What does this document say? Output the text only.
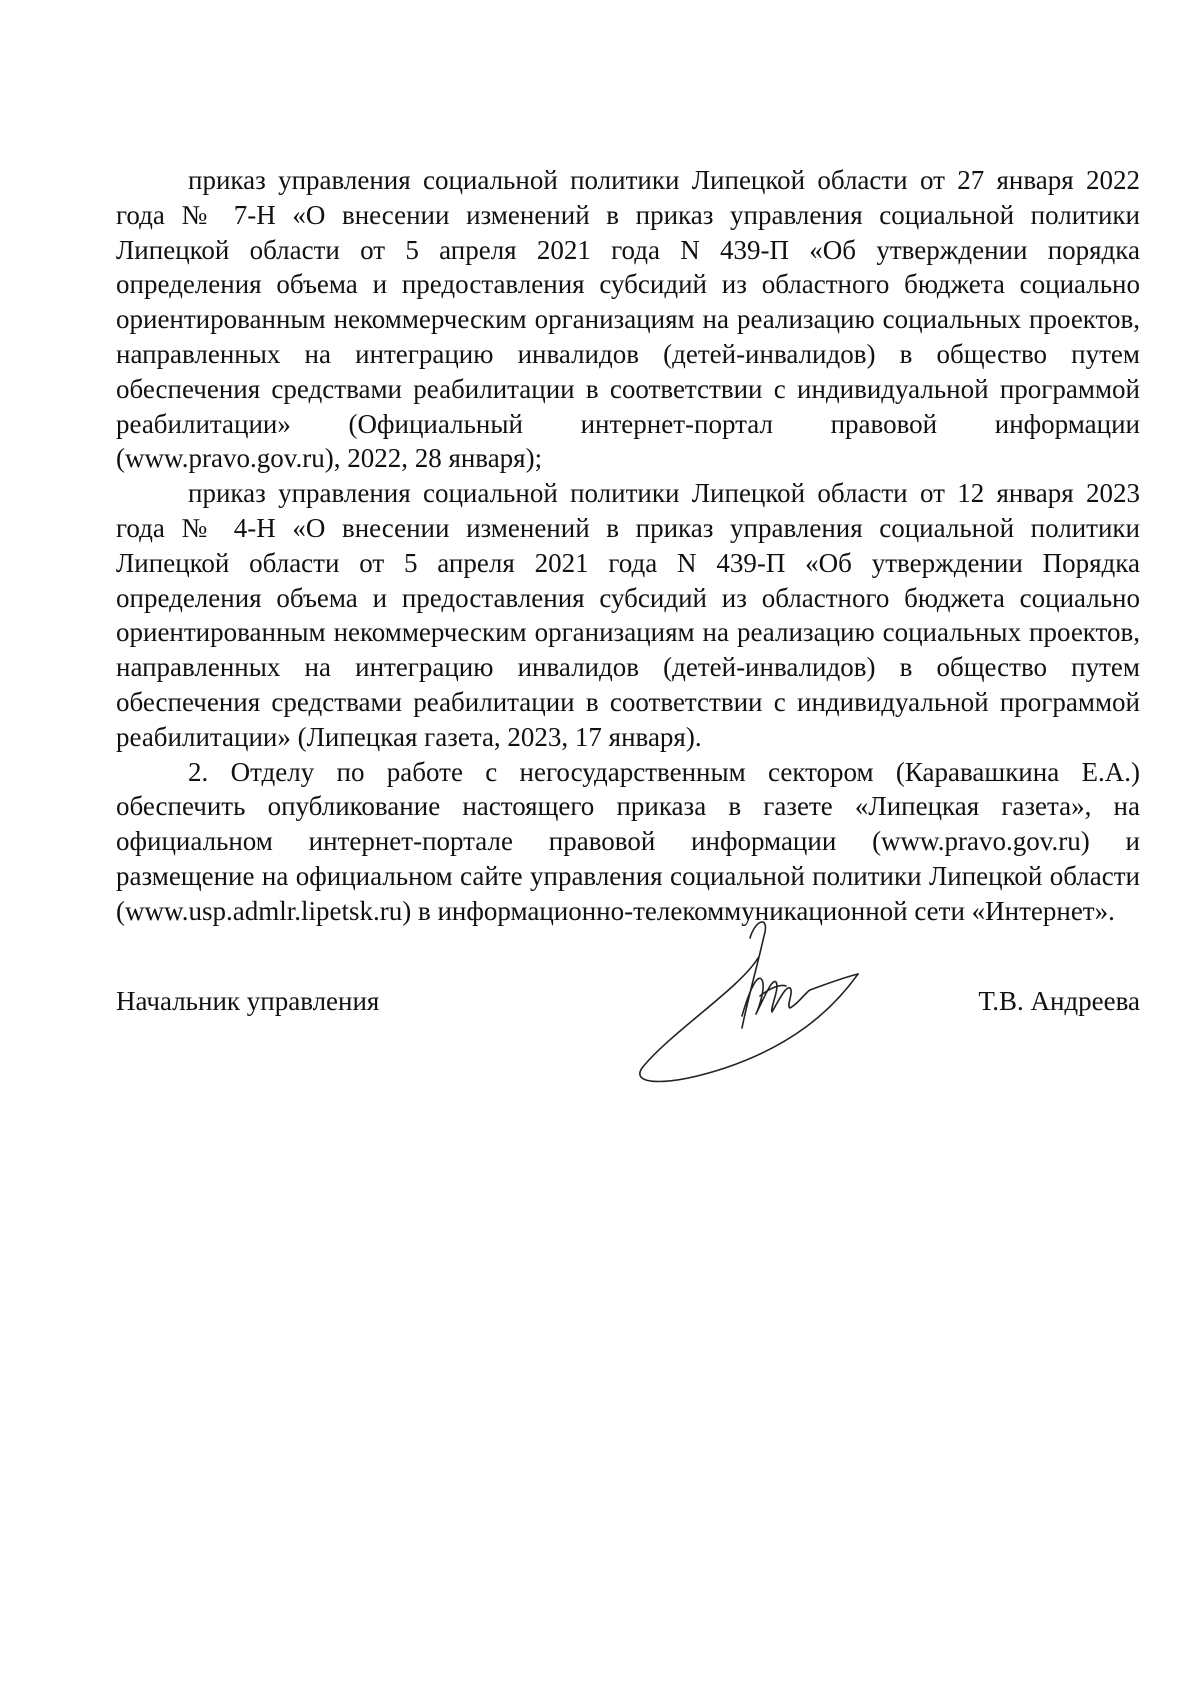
приказ управления социальной политики Липецкой области от 27 января 2022 года № 7-Н «О внесении изменений в приказ управления социальной политики Липецкой области от 5 апреля 2021 года N 439-П «Об утверждении порядка определения объема и предоставления субсидий из областного бюджета социально ориентированным некоммерческим организациям на реализацию социальных проектов, направленных на интеграцию инвалидов (детей-инвалидов) в общество путем обеспечения средствами реабилитации в соответствии с индивидуальной программой реабилитации» (Официальный интернет-портал правовой информации (www.pravo.gov.ru), 2022, 28 января);

приказ управления социальной политики Липецкой области от 12 января 2023 года № 4-Н «О внесении изменений в приказ управления социальной политики Липецкой области от 5 апреля 2021 года N 439-П «Об утверждении Порядка определения объема и предоставления субсидий из областного бюджета социально ориентированным некоммерческим организациям на реализацию социальных проектов, направленных на интеграцию инвалидов (детей-инвалидов) в общество путем обеспечения средствами реабилитации в соответствии с индивидуальной программой реабилитации» (Липецкая газета, 2023, 17 января).

2. Отделу по работе с негосударственным сектором (Каравашкина Е.А.) обеспечить опубликование настоящего приказа в газете «Липецкая газета», на официальном интернет-портале правовой информации (www.pravo.gov.ru) и размещение на официальном сайте управления социальной политики Липецкой области (www.usp.admlr.lipetsk.ru) в информационно-телекоммуникационной сети «Интернет».

Начальник управления	Т.В. Андреева
